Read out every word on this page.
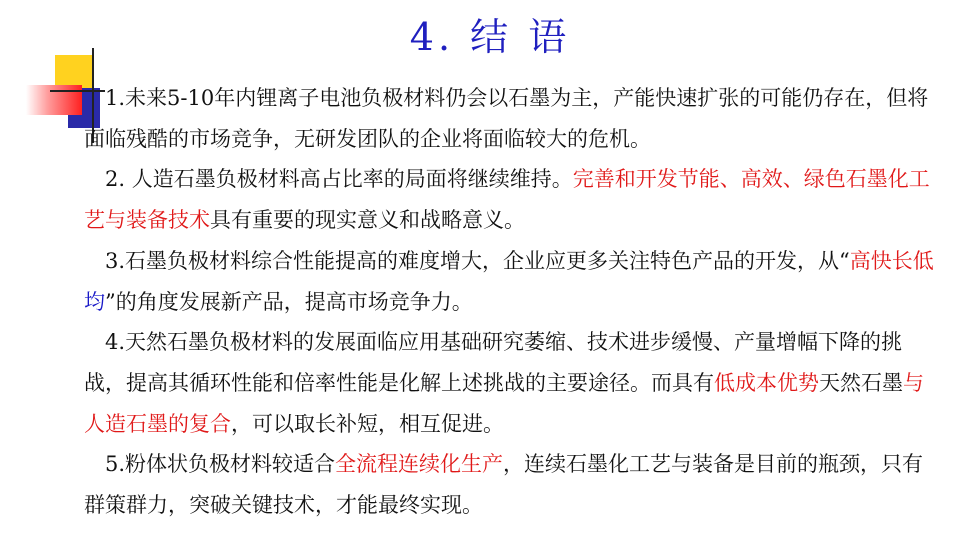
4. 结 语

1.未来5-10年内锂离子电池负极材料仍会以石墨为主，产能快速扩张的可能仍存在，但将面临残酷的市场竞争，无研发团队的企业将面临较大的危机。

2. 人造石墨负极材料高占比率的局面将继续维持。完善和开发节能、高效、绿色石墨化工艺与装备技术具有重要的现实意义和战略意义。

3.石墨负极材料综合性能提高的难度增大，企业应更多关注特色产品的开发，从“高快长低均”的角度发展新产品，提高市场竞争力。

4.天然石墨负极材料的发展面临应用基础研究萎缩、技术进步缓慢、产量增幅下降的挑战，提高其循环性能和倍率性能是化解上述挑战的主要途径。而具有低成本优势天然石墨与人造石墨的复合，可以取长补短，相互促进。

5.粉体状负极材料较适合全流程连续化生产，连续石墨化工艺与装备是目前的瓶颈，只有群策群力，突破关键技术，才能最终实现。
